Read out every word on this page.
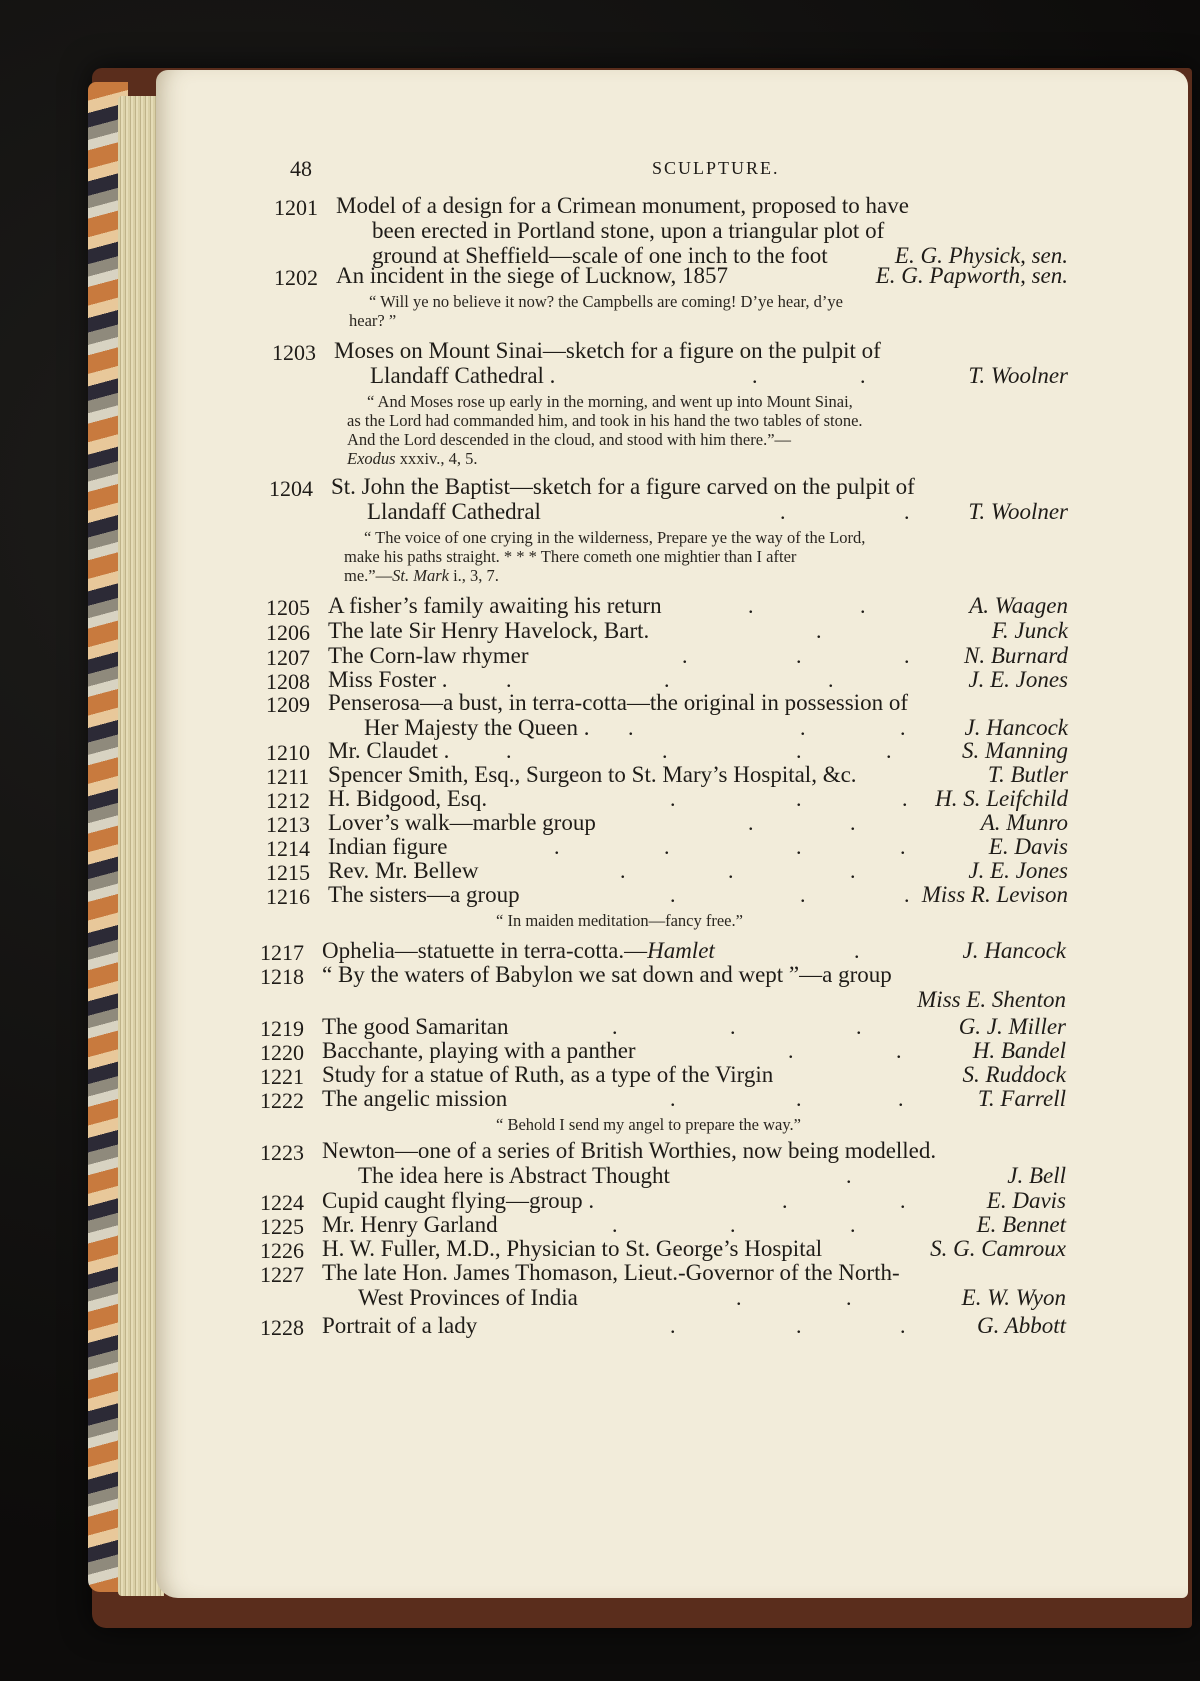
48	SCULPTURE.
1201 Model of a design for a Crimean monument, proposed to have
been erected in Portland stone, upon a triangular plot of
ground at Sheffield—scale of one inch to the foot	E. G. Physick, sen.
1202 An incident in the siege of Lucknow, 1857	E. G. Papworth, sen.
“ Will ye no believe it now? the Campbells are coming! D’ye hear, d’ye
hear? ”
1203 Moses on Mount Sinai—sketch for a figure on the pulpit of
Llandaff Cathedral .	.	.	T. Woolner
“ And Moses rose up early in the morning, and went up into Mount Sinai,
as the Lord had commanded him, and took in his hand the two tables of stone.
And the Lord descended in the cloud, and stood with him there.”—
Exodus xxxiv., 4, 5.
1204 St. John the Baptist—sketch for a figure carved on the pulpit of
Llandaff Cathedral	.	.	T. Woolner
“ The voice of one crying in the wilderness, Prepare ye the way of the Lord,
make his paths straight. * * * There cometh one mightier than I after
me.”—St. Mark i., 3, 7.
1205 A fisher’s family awaiting his return	.	.	A. Waagen
1206 The late Sir Henry Havelock, Bart.	.	F. Junck
1207 The Corn-law rhymer	.	.	. N. Burnard
1208 Miss Foster .	.	.	.	J. E. Jones
1209 Penserosa—a bust, in terra-cotta—the original in possession of
Her Majesty the Queen . .	.	.	J. Hancock
1210 Mr. Claudet .	.	.	.	.	S. Manning
1211 Spencer Smith, Esq., Surgeon to St. Mary’s Hospital, &c.	T. Butler
1212 H. Bidgood, Esq.	.	.	. H. S. Leifchild
1213 Lover’s walk—marble group	.	.	A. Munro
1214 Indian figure	.	.	.	.	E. Davis
1215 Rev. Mr. Bellew	.	.	.	J. E. Jones
1216 The sisters—a group	.	.	. Miss R. Levison
“ In maiden meditation—fancy free.”
1217 Ophelia—statuette in terra-cotta.—Hamlet	.	J. Hancock
1218 “ By the waters of Babylon we sat down and wept ”—a group
Miss E. Shenton
1219 The good Samaritan	.	.	.	G. J. Miller
1220 Bacchante, playing with a panther	.	.	H. Bandel
1221 Study for a statue of Ruth, as a type of the Virgin	S. Ruddock
1222 The angelic mission	.	.	.	T. Farrell
“ Behold I send my angel to prepare the way.”
1223 Newton—one of a series of British Worthies, now being modelled.
The idea here is Abstract Thought	.	J. Bell
1224 Cupid caught flying—group .	.	.	E. Davis
1225 Mr. Henry Garland	.	.	.	E. Bennet
1226 H. W. Fuller, M.D., Physician to St. George’s Hospital	S. G. Camroux
1227 The late Hon. James Thomason, Lieut.-Governor of the North-
West Provinces of India	.	.	E. W. Wyon
1228 Portrait of a lady	.	.	.	G. Abbott
